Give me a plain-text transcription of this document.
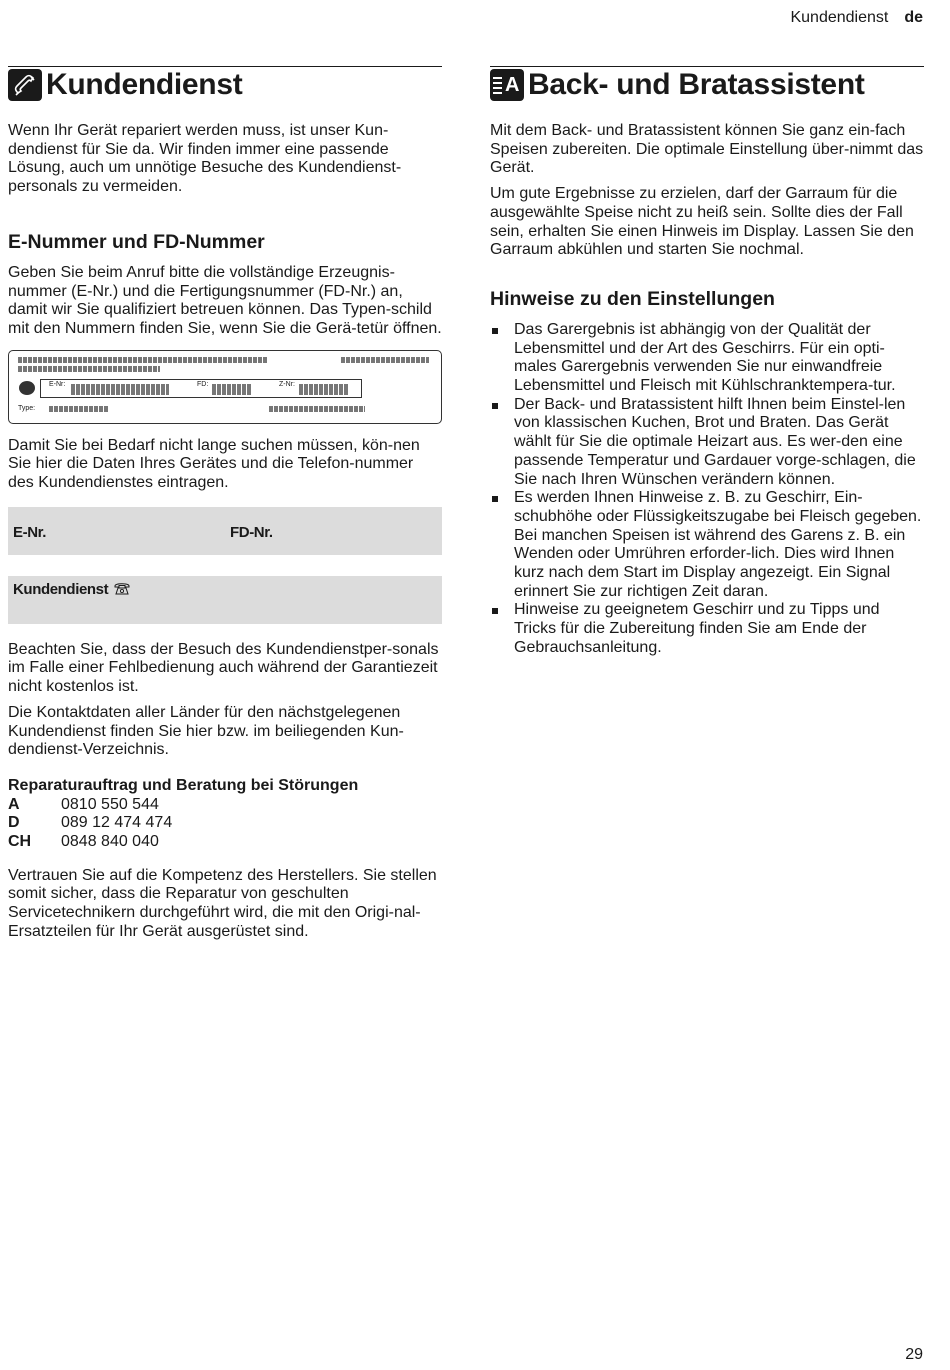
Kundendienst de
Kundendienst

Wenn Ihr Gerät repariert werden muss, ist unser Kun-dendienst für Sie da. Wir finden immer eine passende Lösung, auch um unnötige Besuche des Kundendienst-personals zu vermeiden.

E-Nummer und FD-Nummer

Geben Sie beim Anruf bitte die vollständige Erzeugnis-nummer (E-Nr.) und die Fertigungsnummer (FD-Nr.) an, damit wir Sie qualifiziert betreuen können. Das Typen-schild mit den Nummern finden Sie, wenn Sie die Gerä-tetür öffnen.

E-Nr:	FD:	Z-Nr:
Type:

Damit Sie bei Bedarf nicht lange suchen müssen, kön-nen Sie hier die Daten Ihres Gerätes und die Telefon-nummer des Kundendienstes eintragen.

E-Nr.	FD-Nr.
Kundendienst

Beachten Sie, dass der Besuch des Kundendienstper-sonals im Falle einer Fehlbedienung auch während der Garantiezeit nicht kostenlos ist.

Die Kontaktdaten aller Länder für den nächstgelegenen Kundendienst finden Sie hier bzw. im beiliegenden Kun-dendienst-Verzeichnis.

Reparaturauftrag und Beratung bei Störungen
A	0810 550 544
D	089 12 474 474
CH	0848 840 040

Vertrauen Sie auf die Kompetenz des Herstellers. Sie stellen somit sicher, dass die Reparatur von geschulten Servicetechnikern durchgeführt wird, die mit den Origi-nal-Ersatzteilen für Ihr Gerät ausgerüstet sind.

A Back- und Bratassistent

Mit dem Back- und Bratassistent können Sie ganz ein-fach Speisen zubereiten. Die optimale Einstellung über-nimmt das Gerät.

Um gute Ergebnisse zu erzielen, darf der Garraum für die ausgewählte Speise nicht zu heiß sein. Sollte dies der Fall sein, erhalten Sie einen Hinweis im Display. Lassen Sie den Garraum abkühlen und starten Sie nochmal.

Hinweise zu den Einstellungen
Das Garergebnis ist abhängig von der Qualität der Lebensmittel und der Art des Geschirrs. Für ein opti-males Garergebnis verwenden Sie nur einwandfreie Lebensmittel und Fleisch mit Kühlschranktempera-tur.
Der Back- und Bratassistent hilft Ihnen beim Einstel-len von klassischen Kuchen, Brot und Braten. Das Gerät wählt für Sie die optimale Heizart aus. Es wer-den eine passende Temperatur und Gardauer vorge-schlagen, die Sie nach Ihren Wünschen verändern können.
Es werden Ihnen Hinweise z. B. zu Geschirr, Ein-schubhöhe oder Flüssigkeitszugabe bei Fleisch gegeben. Bei manchen Speisen ist während des Garens z. B. ein Wenden oder Umrühren erforder-lich. Dies wird Ihnen kurz nach dem Start im Display angezeigt. Ein Signal erinnert Sie zur richtigen Zeit daran.
Hinweise zu geeignetem Geschirr und zu Tipps und Tricks für die Zubereitung finden Sie am Ende der Gebrauchsanleitung.
29
